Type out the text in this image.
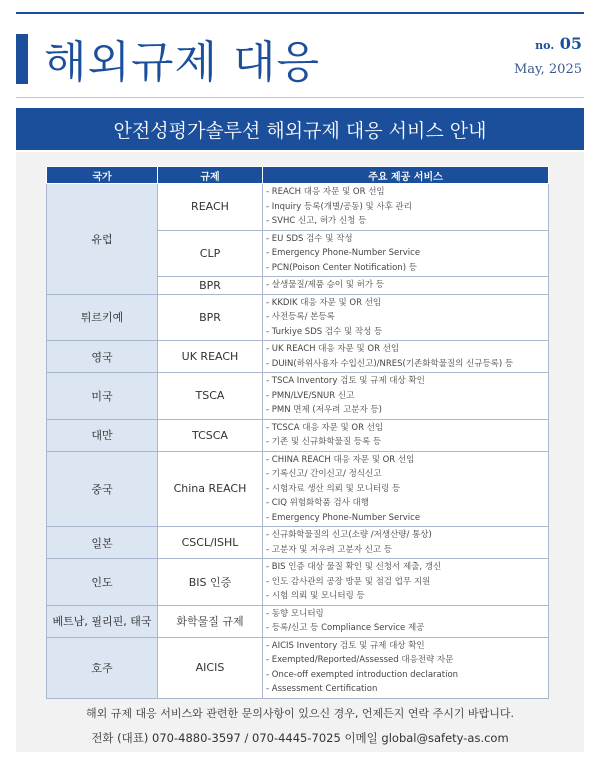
해외규제 대응	no. 05
May, 2025
안전성평가솔루션 해외규제 대응 서비스 안내
국가	규제	주요 제공 서비스
유럽	REACH	- REACH 대응 자문 및 OR 선임
- Inquiry 등록(개별/공동) 및 사후 관리
- SVHC 신고, 허가 신청 등

	CLP	- EU SDS 검수 및 작성
- Emergency Phone-Number Service
- PCN(Poison Center Notification) 등

	BPR	- 살생물질/제품 승이 및 허가 등

튀르키예	BPR	- KKDIK 대응 자문 및 OR 선임
- 사전등록/ 본등록
- Turkiye SDS 검수 및 작성 등

영국	UK REACH	- UK REACH 대응 자문 및 OR 선임
- DUIN(하위사용자 수입신고)/NRES(기존화학물질의 신규등록) 등

미국	TSCA	- TSCA Inventory 검토 및 규제 대상 확인
- PMN/LVE/SNUR 신고
- PMN 면제 (저우려 고분자 등)

대만	TCSCA	- TCSCA 대응 자문 및 OR 선임
- 기존 및 신규화학물질 등록 등

중국	China REACH	- CHINA REACH 대응 자문 및 OR 선임
- 기록신고/ 간이신고/ 정식신고
- 시험자료 생산 의뢰 및 모니터링 등
- CIQ 위험화학품 검사 대행
- Emergency Phone-Number Service

일본	CSCL/ISHL	- 신규화학물질의 신고(소량 /저생산량/ 통상)
- 고분자 및 저우려 고분자 신고 등

인도	BIS 인증	- BIS 인증 대상 물질 확인 및 신청서 제출, 갱신
- 인도 감사관의 공장 방문 및 점검 업무 지원
- 시험 의뢰 및 모니터링 등

베트남, 필리핀, 태국	화학물질 규제	- 동향 모니터링
- 등록/신고 등 Compliance Service 제공

호주	AICIS	- AICIS Inventory 검토 및 규제 대상 확인
- Exempted/Reported/Assessed 대응전략 자문
- Once-off exempted introduction declaration
- Assessment Certification
해외 규제 대응 서비스와 관련한 문의사항이 있으신 경우, 언제든지 연락 주시기 바랍니다.
전화 (대표) 070-4880-3597 / 070-4445-7025 이메일 global@safety-as.com
